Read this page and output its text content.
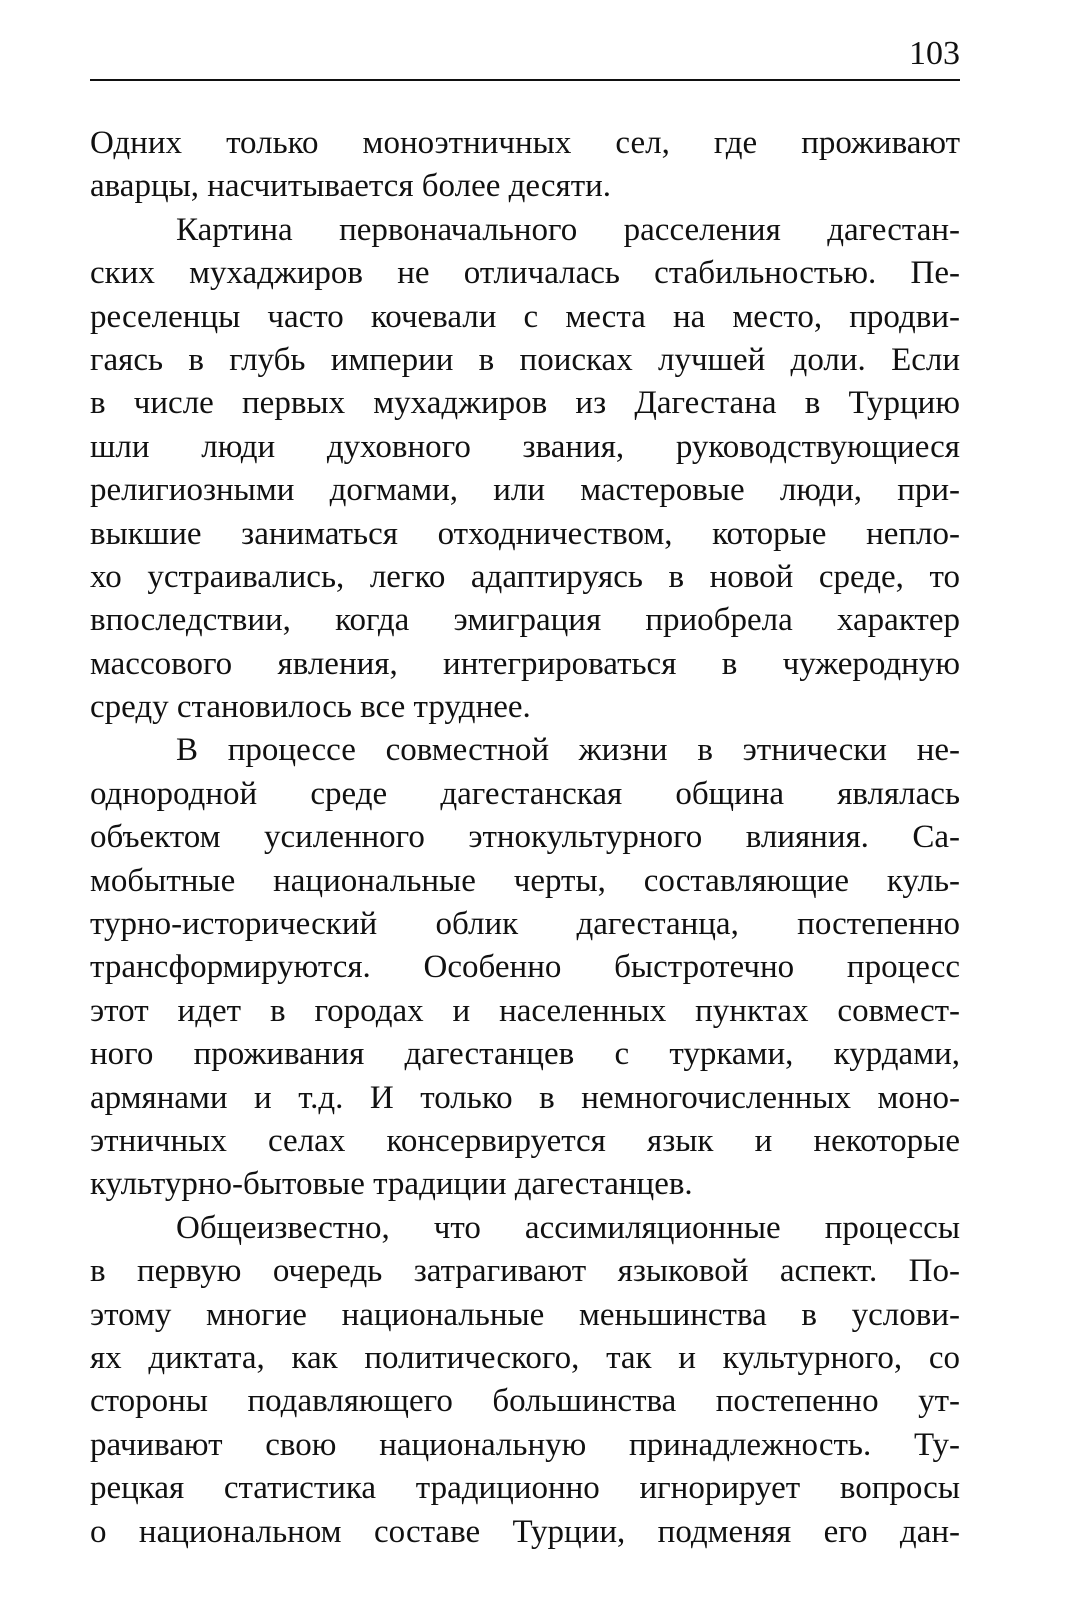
103
Одних только моноэтничных сел, где проживают
аварцы, насчитывается более десяти.
Картина первоначального расселения дагестан-
ских мухаджиров не отличалась стабильностью. Пе-
реселенцы часто кочевали с места на место, продви-
гаясь в глубь империи в поисках лучшей доли. Если
в числе первых мухаджиров из Дагестана в Турцию
шли люди духовного звания, руководствующиеся
религиозными догмами, или мастеровые люди, при-
выкшие заниматься отходничеством, которые непло-
хо устраивались, легко адаптируясь в новой среде, то
впоследствии, когда эмиграция приобрела характер
массового явления, интегрироваться в чужеродную
среду становилось все труднее.
В процессе совместной жизни в этнически не-
однородной среде дагестанская община являлась
объектом усиленного этнокультурного влияния. Са-
мобытные национальные черты, составляющие куль-
турно-исторический облик дагестанца, постепенно
трансформируются. Особенно быстротечно процесс
этот идет в городах и населенных пунктах совмест-
ного проживания дагестанцев с турками, курдами,
армянами и т.д. И только в немногочисленных моно-
этничных селах консервируется язык и некоторые
культурно-бытовые традиции дагестанцев.
Общеизвестно, что ассимиляционные процессы
в первую очередь затрагивают языковой аспект. По-
этому многие национальные меньшинства в услови-
ях диктата, как политического, так и культурного, со
стороны подавляющего большинства постепенно ут-
рачивают свою национальную принадлежность. Ту-
рецкая статистика традиционно игнорирует вопросы
о национальном составе Турции, подменяя его дан-
